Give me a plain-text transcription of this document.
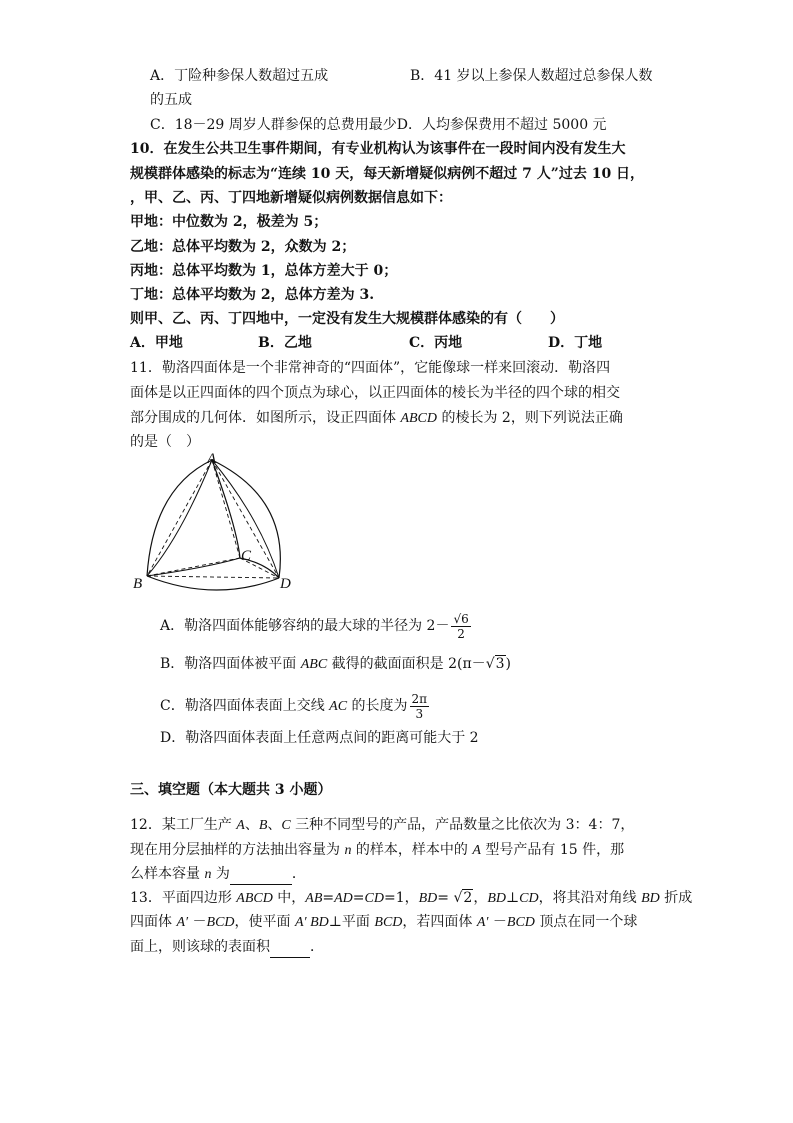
A．丁险种参保人数超过五成	B．41 岁以上参保人数超过总参保人数
的五成
C．18－29 周岁人群参保的总费用最少D．人均参保费用不超过 5000 元
10．在发生公共卫生事件期间，有专业机构认为该事件在一段时间内没有发生大
规模群体感染的标志为“连续 10 天，每天新增疑似病例不超过 7 人”过去 10 日，
，甲、乙、丙、丁四地新增疑似病例数据信息如下：
甲地：中位数为 2，极差为 5；
乙地：总体平均数为 2，众数为 2；
丙地：总体平均数为 1，总体方差大于 0；
丁地：总体平均数为 2，总体方差为 3.
则甲、乙、丙、丁四地中，一定没有发生大规模群体感染的有（　　）
A．甲地	B．乙地	C．丙地	D．丁地
11．勒洛四面体是一个非常神奇的“四面体”，它能像球一样来回滚动．勒洛四
面体是以正四面体的四个顶点为球心，以正四面体的棱长为半径的四个球的相交
部分围成的几何体．如图所示，设正四面体 ABCD 的棱长为 2，则下列说法正确
的是（　）
A
B
C
D
A．勒洛四面体能够容纳的最大球的半径为 $2- \frac{√6}{2}$
B．勒洛四面体被平面 ABC 截得的截面面积是 2(π－√3)
C．勒洛四面体表面上交线 AC 的长度为 $\frac{2\pi}{3}$
D．勒洛四面体表面上任意两点间的距离可能大于 2
三、填空题（本大题共 3 小题）
12．某工厂生产 A、B、C 三种不同型号的产品，产品数量之比依次为 3：4：7，
现在用分层抽样的方法抽出容量为 n 的样本，样本中的 A 型号产品有 15 件，那
么样本容量 n 为	．
13．平面四边形 ABCD 中，AB=AD=CD=1，BD= √2，BD⊥CD，将其沿对角线 BD 折成
四面体 A′ －BCD，使平面 A′ BD⊥平面 BCD，若四面体 A′ －BCD 顶点在同一个球
面上，则该球的表面积	．
